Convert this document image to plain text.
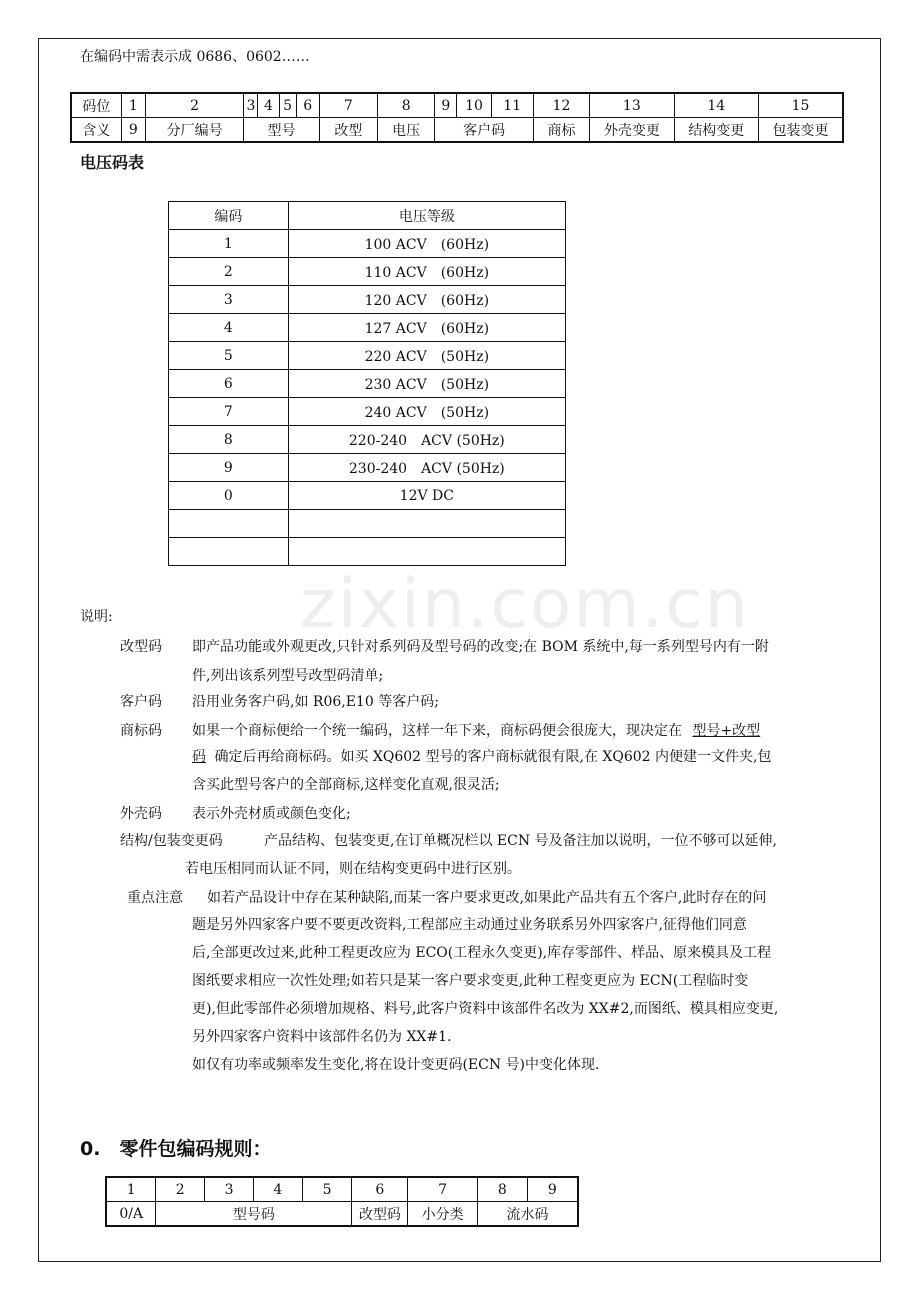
zixin.com.cn
在编码中需表示成 0686、0602……
码位	1	2	3	4	5	6	7	8	9	10	11	12	13	14	15
含义	9	分厂编号	型号				改型	电压	客户码			商标	外壳变更	结构变更	包装变更
电压码表
编码	电压等级
1	100 ACV　(60Hz)
2	110 ACV　(60Hz)
3	120 ACV　(60Hz)
4	127 ACV　(60Hz)
5	220 ACV　(50Hz)
6	230 ACV　(50Hz)
7	240 ACV　(50Hz)
8	220-240　ACV (50Hz)
9	230-240　ACV (50Hz)
0	12V DC

说明:
改型码 即产品功能或外观更改,只针对系列码及型号码的改变;在 BOM 系统中,每一系列型号内有一附
件,列出该系列型号改型码清单;
客户码 沿用业务客户码,如 R06,E10 等客户码;
商标码 如果一个商标便给一个统一编码，这样一年下来，商标码便会很庞大，现决定在 型号+改型
码 确定后再给商标码。如买 XQ602 型号的客户商标就很有限,在 XQ602 内便建一文件夹,包
含买此型号客户的全部商标,这样变化直观,很灵活;
外壳码 表示外壳材质或颜色变化;
结构/包装变更码	产品结构、包装变更,在订单概况栏以 ECN 号及备注加以说明，一位不够可以延伸,
若电压相同而认证不同，则在结构变更码中进行区别。
重点注意 如若产品设计中存在某种缺陷,而某一客户要求更改,如果此产品共有五个客户,此时存在的问
题是另外四家客户要不要更改资料,工程部应主动通过业务联系另外四家客户,征得他们同意
后,全部更改过来,此种工程更改应为 ECO(工程永久变更),库存零部件、样品、原来模具及工程
图纸要求相应一次性处理;如若只是某一客户要求变更,此种工程变更应为 ECN(工程临时变
更),但此零部件必须增加规格、料号,此客户资料中该部件名改为 XX#2,而图纸、模具相应变更,
另外四家客户资料中该部件名仍为 XX#1.
如仅有功率或频率发生变化,将在设计变更码(ECN 号)中变化体现.
0.　零件包编码规则：
1	2	3	4	5	6	7	8	9
0/A	型号码				改型码	小分类	流水码	
